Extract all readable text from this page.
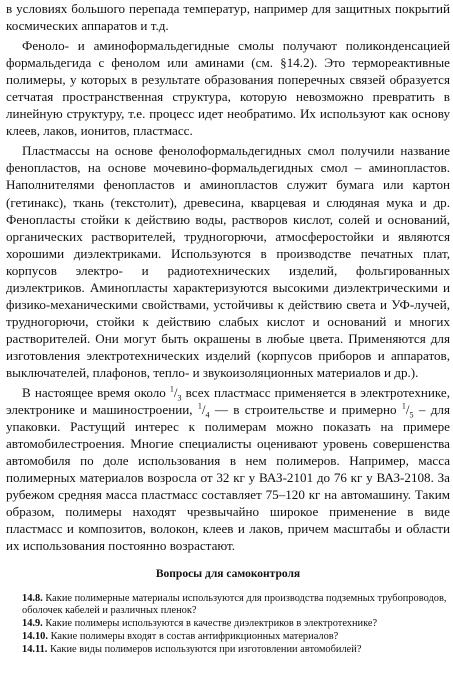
в условиях большого перепада температур, например для защитных покрытий космических аппаратов и т.д.

Феноло- и аминоформальдегидные смолы получают поликонденсацией формальдегида с фенолом или аминами (см. §14.2). Это термореактивные полимеры, у которых в результате образования поперечных связей образуется сетчатая пространственная структура, которую невозможно превратить в линейную структуру, т.е. процесс идет необратимо. Их используют как основу клеев, лаков, ионитов, пластмасс.

Пластмассы на основе фенолоформальдегидных смол получили название фенопластов, на основе мочевино-формальдегидных смол – аминопластов. Наполнителями фенопластов и аминопластов служит бумага или картон (гетинакс), ткань (текстолит), древесина, кварцевая и слюдяная мука и др. Фенопласты стойки к действию воды, растворов кислот, солей и оснований, органических растворителей, трудногорючи, атмосферостойки и являются хорошими диэлектриками. Используются в производстве печатных плат, корпусов электро- и радиотехнических изделий, фольгированных диэлектриков. Аминопласты характеризуются высокими диэлектрическими и физико-механическими свойствами, устойчивы к действию света и УФ-лучей, трудногорючи, стойки к действию слабых кислот и оснований и многих растворителей. Они могут быть окрашены в любые цвета. Применяются для изготовления электротехнических изделий (корпусов приборов и аппаратов, выключателей, плафонов, тепло- и звукоизоляционных материалов и др.).

В настоящее время около $^1/_3$ всех пластмасс применяется в электротехнике, электронике и машиностроении, $^1/_4$ — в строительстве и примерно $^1/_5$ – для упаковки. Растущий интерес к полимерам можно показать на примере автомобилестроения. Многие специалисты оценивают уровень совершенства автомобиля по доле использования в нем полимеров. Например, масса полимерных материалов возросла от 32 кг у ВАЗ-2101 до 76 кг у ВАЗ-2108. За рубежом средняя масса пластмасс составляет 75–120 кг на автомашину. Таким образом, полимеры находят чрезвычайно широкое применение в виде пластмасс и композитов, волокон, клеев и лаков, причем масштабы и области их использования постоянно возрастают.

Вопросы для самоконтроля

14.8. Какие полимерные материалы используются для производства подземных трубопроводов, оболочек кабелей и различных пленок?

14.9. Какие полимеры используются в качестве диэлектриков в электротехнике?

14.10. Какие полимеры входят в состав антифрикционных материалов?

14.11. Какие виды полимеров используются при изготовлении автомобилей?
